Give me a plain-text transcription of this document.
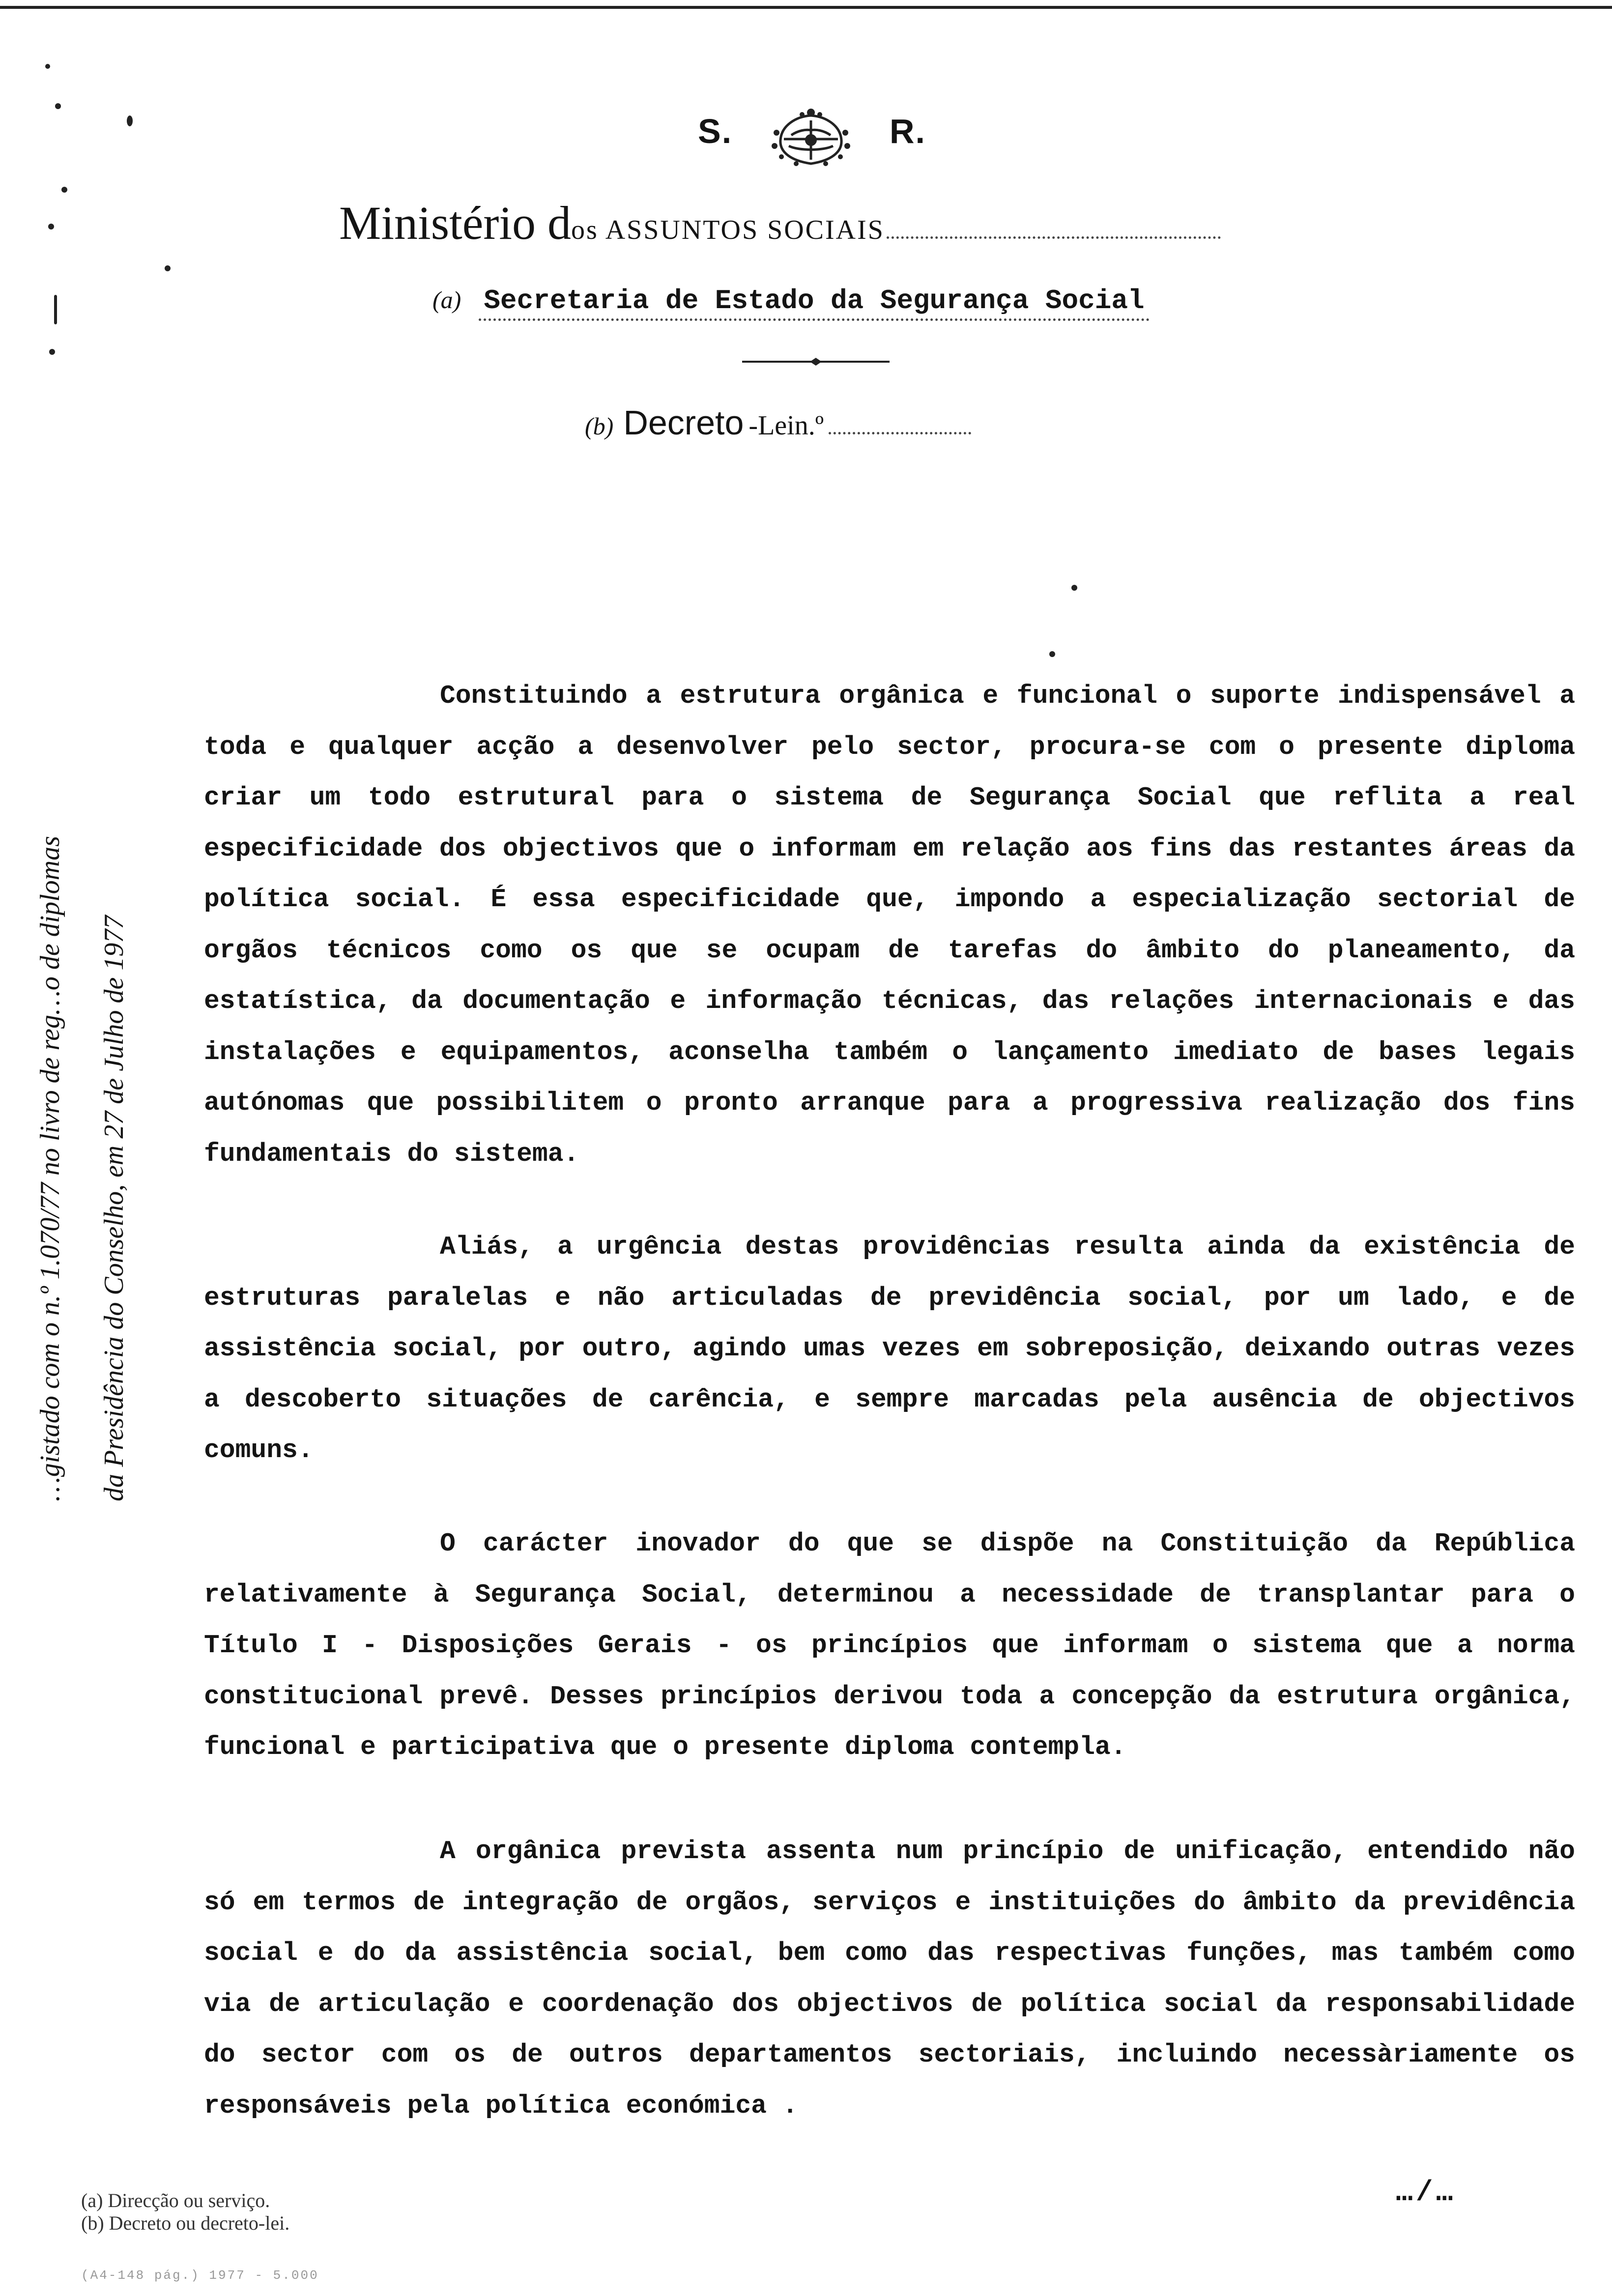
S.	R.
Ministério dos ASSUNTOS SOCIAIS
(a) Secretaria de Estado da Segurança Social
(b) Decreto -Lein.º
…gistado com o n.º 1.070/77 no livro de reg…o de diplomas da Presidência do Conselho, em 27 de Julho de 1977

Constituindo a estrutura orgânica e funcional o suporte indispensável a toda e qualquer acção a desenvolver pelo sector, procura-se com o presente diploma criar um todo estrutural para o sistema de Segurança Social que reflita a real especificidade dos objectivos que o informam em relação aos fins das restantes áreas da política social. É essa especificidade que, impondo a especialização sectorial de orgãos técnicos como os que se ocupam de tarefas do âmbito do planeamento, da estatística, da documentação e informação técnicas, das relações internacionais e das instalações e equipamentos, aconselha também o lançamento imediato de bases legais autónomas que possibilitem o pronto arranque para a progressiva realização dos fins fundamentais do sistema.

Aliás, a urgência destas providências resulta ainda da existência de estruturas paralelas e não articuladas de previdência social, por um lado, e de assistência social, por outro, agindo umas vezes em sobreposição, deixando outras vezes a descoberto situações de carência, e sempre marcadas pela ausência de objectivos comuns.

O carácter inovador do que se dispõe na Constituição da República relativamente à Segurança Social, determinou a necessidade de transplantar para o Título I - Disposições Gerais - os princípios que informam o sistema que a norma constitucional prevê. Desses princípios derivou toda a concepção da estrutura orgânica, funcional e participativa que o presente diploma contempla.

A orgânica prevista assenta num princípio de unificação, entendido não só em termos de integração de orgãos, serviços e instituições do âmbito da previdência social e do da assistência social, bem como das respectivas funções, mas também como via de articulação e coordenação dos objectivos de política social da responsabilidade do sector com os de outros departamentos sectoriais, incluindo necessàriamente os responsáveis pela política económica .

…/…
(a) Direcção ou serviço.
(b) Decreto ou decreto-lei.
(A4-148 pág.) 1977 - 5.000
